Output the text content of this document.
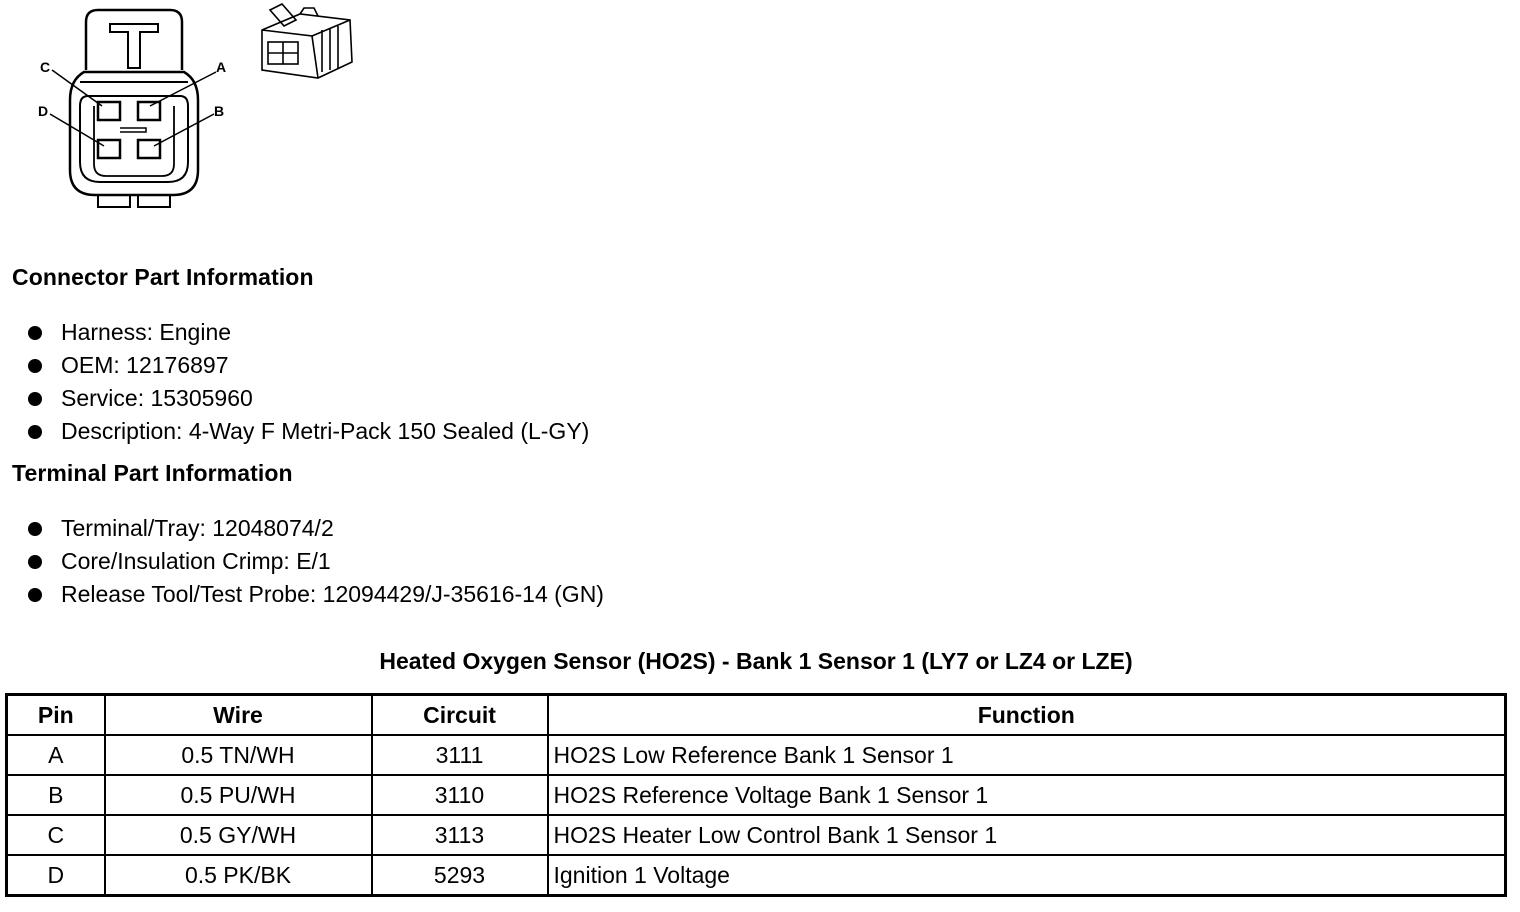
C	A
D	B
Connector Part Information
Harness: Engine
OEM: 12176897
Service: 15305960
Description: 4-Way F Metri-Pack 150 Sealed (L-GY)
Terminal Part Information
Terminal/Tray: 12048074/2
Core/Insulation Crimp: E/1
Release Tool/Test Probe: 12094429/J-35616-14 (GN)
Heated Oxygen Sensor (HO2S) - Bank 1 Sensor 1 (LY7 or LZ4 or LZE)
Pin	Wire	Circuit	Function
A	0.5 TN/WH	3111	HO2S Low Reference Bank 1 Sensor 1
B	0.5 PU/WH	3110	HO2S Reference Voltage Bank 1 Sensor 1
C	0.5 GY/WH	3113	HO2S Heater Low Control Bank 1 Sensor 1
D	0.5 PK/BK	5293	Ignition 1 Voltage
